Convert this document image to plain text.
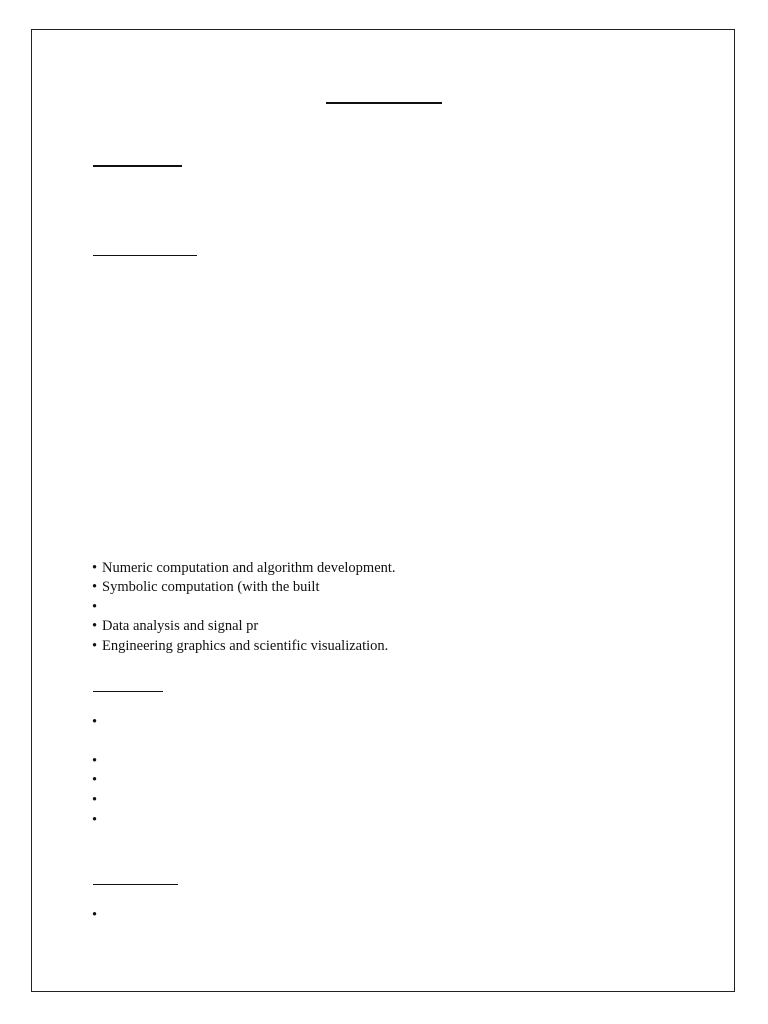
• Numeric computation and algorithm development.
• Symbolic computation (with the built
•
• Data analysis and signal pr
• Engineering graphics and scientific visualization.
•
•
•
•
•
•
